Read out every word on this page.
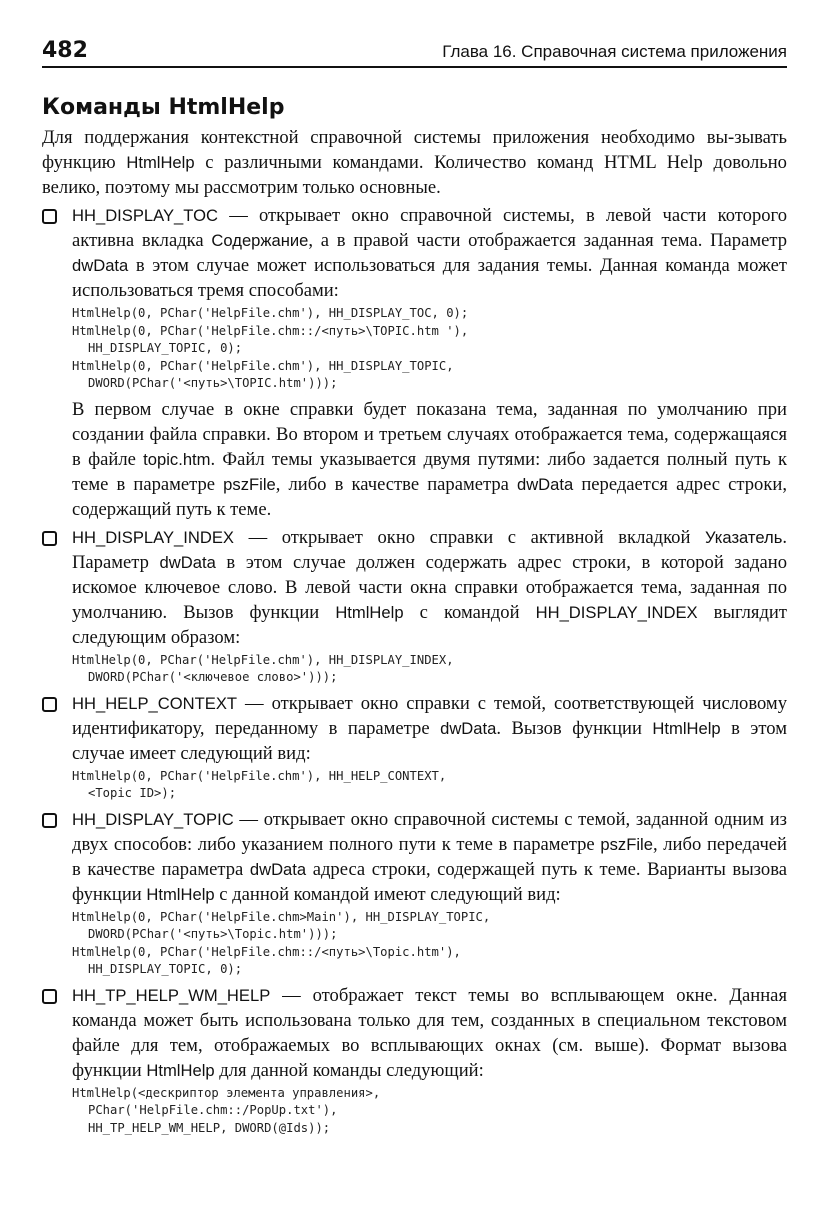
482	Глава 16. Справочная система приложения
Команды HtmlHelp

Для поддержания контекстной справочной системы приложения необходимо вы-зывать функцию HtmlHelp с различными командами. Количество команд HTML Help довольно велико, поэтому мы рассмотрим только основные.

HH_DISPLAY_TOC — открывает окно справочной системы, в левой части которого активна вкладка Содержание, а в правой части отображается заданная тема. Параметр dwData в этом случае может использоваться для задания темы. Данная команда может использоваться тремя способами:

HtmlHelp(0, PChar('HelpFile.chm'), HH_DISPLAY_TOC, 0);
HtmlHelp(0, PChar('HelpFile.chm::/<путь>\TOPIC.htm '),
HH_DISPLAY_TOPIC, 0);
HtmlHelp(0, PChar('HelpFile.chm'), HH_DISPLAY_TOPIC,
DWORD(PChar('<путь>\TOPIC.htm')));

В первом случае в окне справки будет показана тема, заданная по умолчанию при создании файла справки. Во втором и третьем случаях отображается тема, содержащаяся в файле topic.htm. Файл темы указывается двумя путями: либо задается полный путь к теме в параметре pszFile, либо в качестве параметра dwData передается адрес строки, содержащий путь к теме.

HH_DISPLAY_INDEX — открывает окно справки с активной вкладкой Указатель. Параметр dwData в этом случае должен содержать адрес строки, в которой задано искомое ключевое слово. В левой части окна справки отображается тема, заданная по умолчанию. Вызов функции HtmlHelp с командой HH_DISPLAY_INDEX выглядит следующим образом:

HtmlHelp(0, PChar('HelpFile.chm'), HH_DISPLAY_INDEX,
DWORD(PChar('<ключевое слово>')));

HH_HELP_CONTEXT — открывает окно справки с темой, соответствующей числовому идентификатору, переданному в параметре dwData. Вызов функции HtmlHelp в этом случае имеет следующий вид:

HtmlHelp(0, PChar('HelpFile.chm'), HH_HELP_CONTEXT,
<Topic ID>);

HH_DISPLAY_TOPIC — открывает окно справочной системы с темой, заданной одним из двух способов: либо указанием полного пути к теме в параметре pszFile, либо передачей в качестве параметра dwData адреса строки, содержащей путь к теме. Варианты вызова функции HtmlHelp с данной командой имеют следующий вид:

HtmlHelp(0, PChar('HelpFile.chm>Main'), HH_DISPLAY_TOPIC,
DWORD(PChar('<путь>\Topic.htm')));
HtmlHelp(0, PChar('HelpFile.chm::/<путь>\Topic.htm'),
HH_DISPLAY_TOPIC, 0);

HH_TP_HELP_WM_HELP — отображает текст темы во всплывающем окне. Данная команда может быть использована только для тем, созданных в специальном текстовом файле для тем, отображаемых во всплывающих окнах (см. выше). Формат вызова функции HtmlHelp для данной команды следующий:

HtmlHelp(<дескриптор элемента управления>,
PChar('HelpFile.chm::/PopUp.txt'),
HH_TP_HELP_WM_HELP, DWORD(@Ids));
